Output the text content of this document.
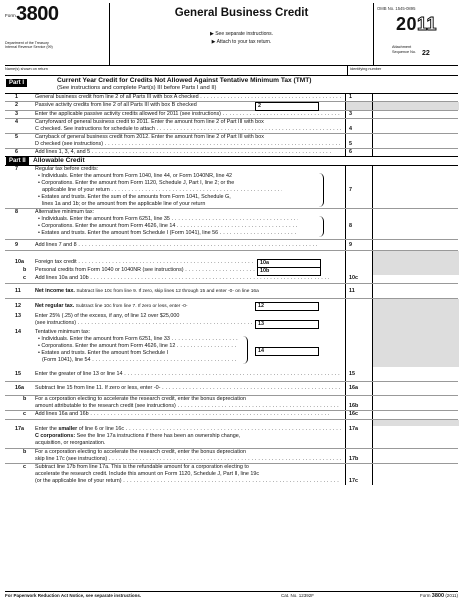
Form 3800
Department of the Treasury
Internal Revenue Service (99)
General Business Credit
▶ See separate instructions.
▶ Attach to your tax return.
OMB No. 1545-0895
2011
Attachment
Sequence No. 22
Name(s) shown on return	Identifying number
Part I	Current Year Credit for Credits Not Allowed Against Tentative Minimum Tax (TMT)
(See instructions and complete Part(s) III before Parts I and II)
1	General business credit from line 2 of all Parts III with box A checked . . .	1
2	Passive activity credits from line 2 of all Parts III with box B checked	2
3	Enter the applicable passive activity credits allowed for 2011 (see instructions) . . .	3
4	Carryforward of general business credit to 2011. Enter the amount from line 2 of Part III with box
C checked. See instructions for schedule to attach . . .	4
5	Carryback of general business credit from 2012. Enter the amount from line 2 of Part III with box
D checked (see instructions) . . .	5
6	Add lines 1, 3, 4, and 5 . . .	6
Part II	Allowable Credit
7	Regular tax before credits:
• Individuals. Enter the amount from Form 1040, line 44, or Form 1040NR, line 42
• Corporations. Enter the amount from Form 1120, Schedule J, Part I, line 2; or the
applicable line of your return . . .
• Estates and trusts. Enter the sum of the amounts from Form 1041, Schedule G,
lines 1a and 1b; or the amount from the applicable line of your return
7
8	Alternative minimum tax:
• Individuals. Enter the amount from Form 6251, line 35 . . .
• Corporations. Enter the amount from Form 4626, line 14 . . .
• Estates and trusts. Enter the amount from Schedule I (Form 1041), line 56 . . .
8
9	Add lines 7 and 8 . . .	9
10a	Foreign tax credit . . .	10a
b Personal credits from Form 1040 or 1040NR (see instructions) . . .	10b
c Add lines 10a and 10b . . .	10c
11	Net income tax. Subtract line 10c from line 9. If zero, skip lines 12 through 15 and enter -0- on line 16a	11
12	Net regular tax. Subtract line 10c from line 7. If zero or less, enter -0-	12
13	Enter 25% (.25) of the excess, if any, of line 12 over $25,000
(see instructions) . . .	13
14	Tentative minimum tax:
• Individuals. Enter the amount from Form 6251, line 33 . . .
• Corporations. Enter the amount from Form 4626, line 12 . . .
• Estates and trusts. Enter the amount from Schedule I
(Form 1041), line 54 . . .
14
15	Enter the greater of line 13 or line 14 . . .	15
16a	Subtract line 15 from line 11. If zero or less, enter -0- . . .	16a
b For a corporation electing to accelerate the research credit, enter the bonus depreciation
amount attributable to the research credit (see instructions) . . .	16b
c Add lines 16a and 16b . . .	16c
17a	Enter the smaller of line 6 or line 16c . . .
C corporations: See the line 17a instructions if there has been an ownership change,
acquisition, or reorganization.
17a
b For a corporation electing to accelerate the research credit, enter the bonus depreciation
skip line 17c (see instructions) . . .	17b
c Subtract line 17b from line 17a. This is the refundable amount for a corporation electing to
accelerate the research credit. Include this amount on Form 1120, Schedule J, Part II, line 19c
(or the applicable line of your return) . . .	17c
For Paperwork Reduction Act Notice, see separate instructions.	Cat. No. 12392F	Form 3800 (2011)
